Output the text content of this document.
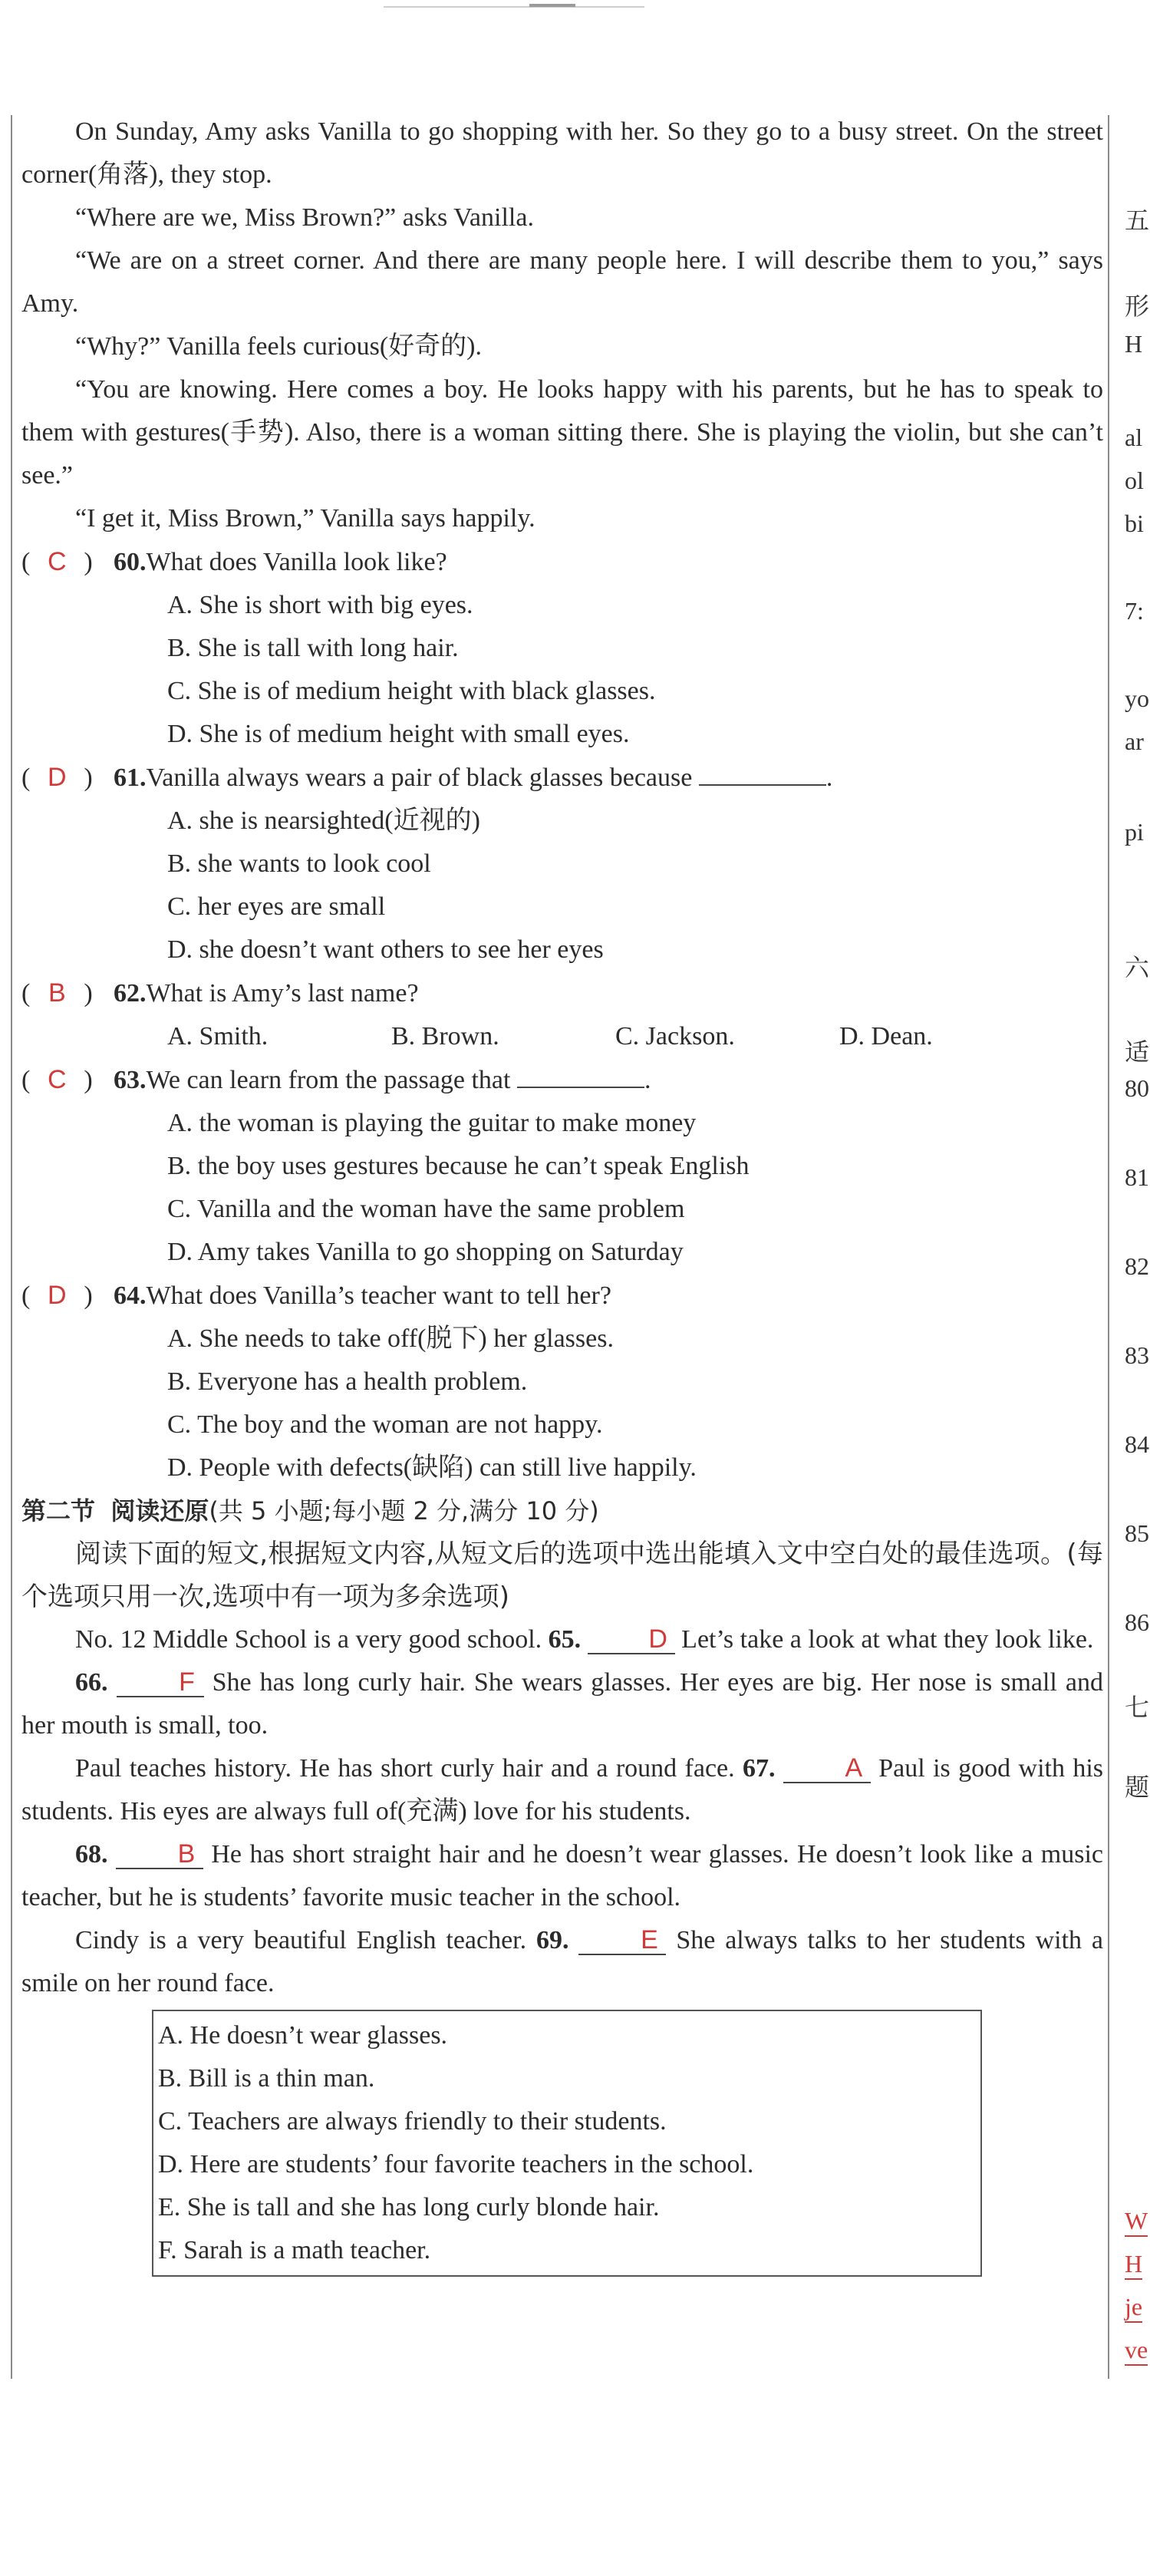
On Sunday, Amy asks Vanilla to go shopping with her. So they go to a busy street. On the street corner(角落), they stop.

“Where are we, Miss Brown?” asks Vanilla.

“We are on a street corner. And there are many people here. I will describe them to you,” says Amy.

“Why?” Vanilla feels curious(好奇的).

“You are knowing. Here comes a boy. He looks happy with his parents, but he has to speak to them with gestures(手势). Also, there is a woman sitting there. She is playing the violin, but she can’t see.”

“I get it, Miss Brown,” Vanilla says happily.

( C ) 60. What does Vanilla look like?

A. She is short with big eyes.

B. She is tall with long hair.

C. She is of medium height with black glasses.

D. She is of medium height with small eyes.

( D ) 61. Vanilla always wears a pair of black glasses because
	.

A. she is nearsighted(近视的)

B. she wants to look cool

C. her eyes are small

D. she doesn’t want others to see her eyes

( B ) 62. What is Amy’s last name?
A. Smith.	B. Brown.	C. Jackson.	D. Dean.
( C ) 63. We can learn from the passage that
	.

A. the woman is playing the guitar to make money

B. the boy uses gestures because he can’t speak English

C. Vanilla and the woman have the same problem

D. Amy takes Vanilla to go shopping on Saturday

( D ) 64. What does Vanilla’s teacher want to tell her?

A. She needs to take off(脱下) her glasses.

B. Everyone has a health problem.

C. The boy and the woman are not happy.

D. People with defects(缺陷) can still live happily.

第二节 阅读还原(共 5 小题;每小题 2 分,满分 10 分)

阅读下面的短文,根据短文内容,从短文后的选项中选出能填入文中空白处的最佳选项。(每个选项只用一次,选项中有一项为多余选项)

No. 12 Middle School is a very good school. 65.	D Let’s take a look at what they look like.

66.	F She has long curly hair. She wears glasses. Her eyes are big. Her nose is small and her mouth is small, too.

Paul teaches history. He has short curly hair and a round face. 67.	A Paul is good with his students. His eyes are always full of(充满) love for his students.

68.	B He has short straight hair and he doesn’t wear glasses. He doesn’t look like a music teacher, but he is students’ favorite music teacher in the school.

Cindy is a very beautiful English teacher. 69.	E She always talks to her students with a smile on her round face.

A. He doesn’t wear glasses.

B. Bill is a thin man.

C. Teachers are always friendly to their students.

D. Here are students’ four favorite teachers in the school.

E. She is tall and she has long curly blonde hair.

F. Sarah is a math teacher.

五
形
H
al
ol
bi
7:
yo
ar
pi
六
适
80
81
82
83
84
85
86
七
题
W
H
je
ve
